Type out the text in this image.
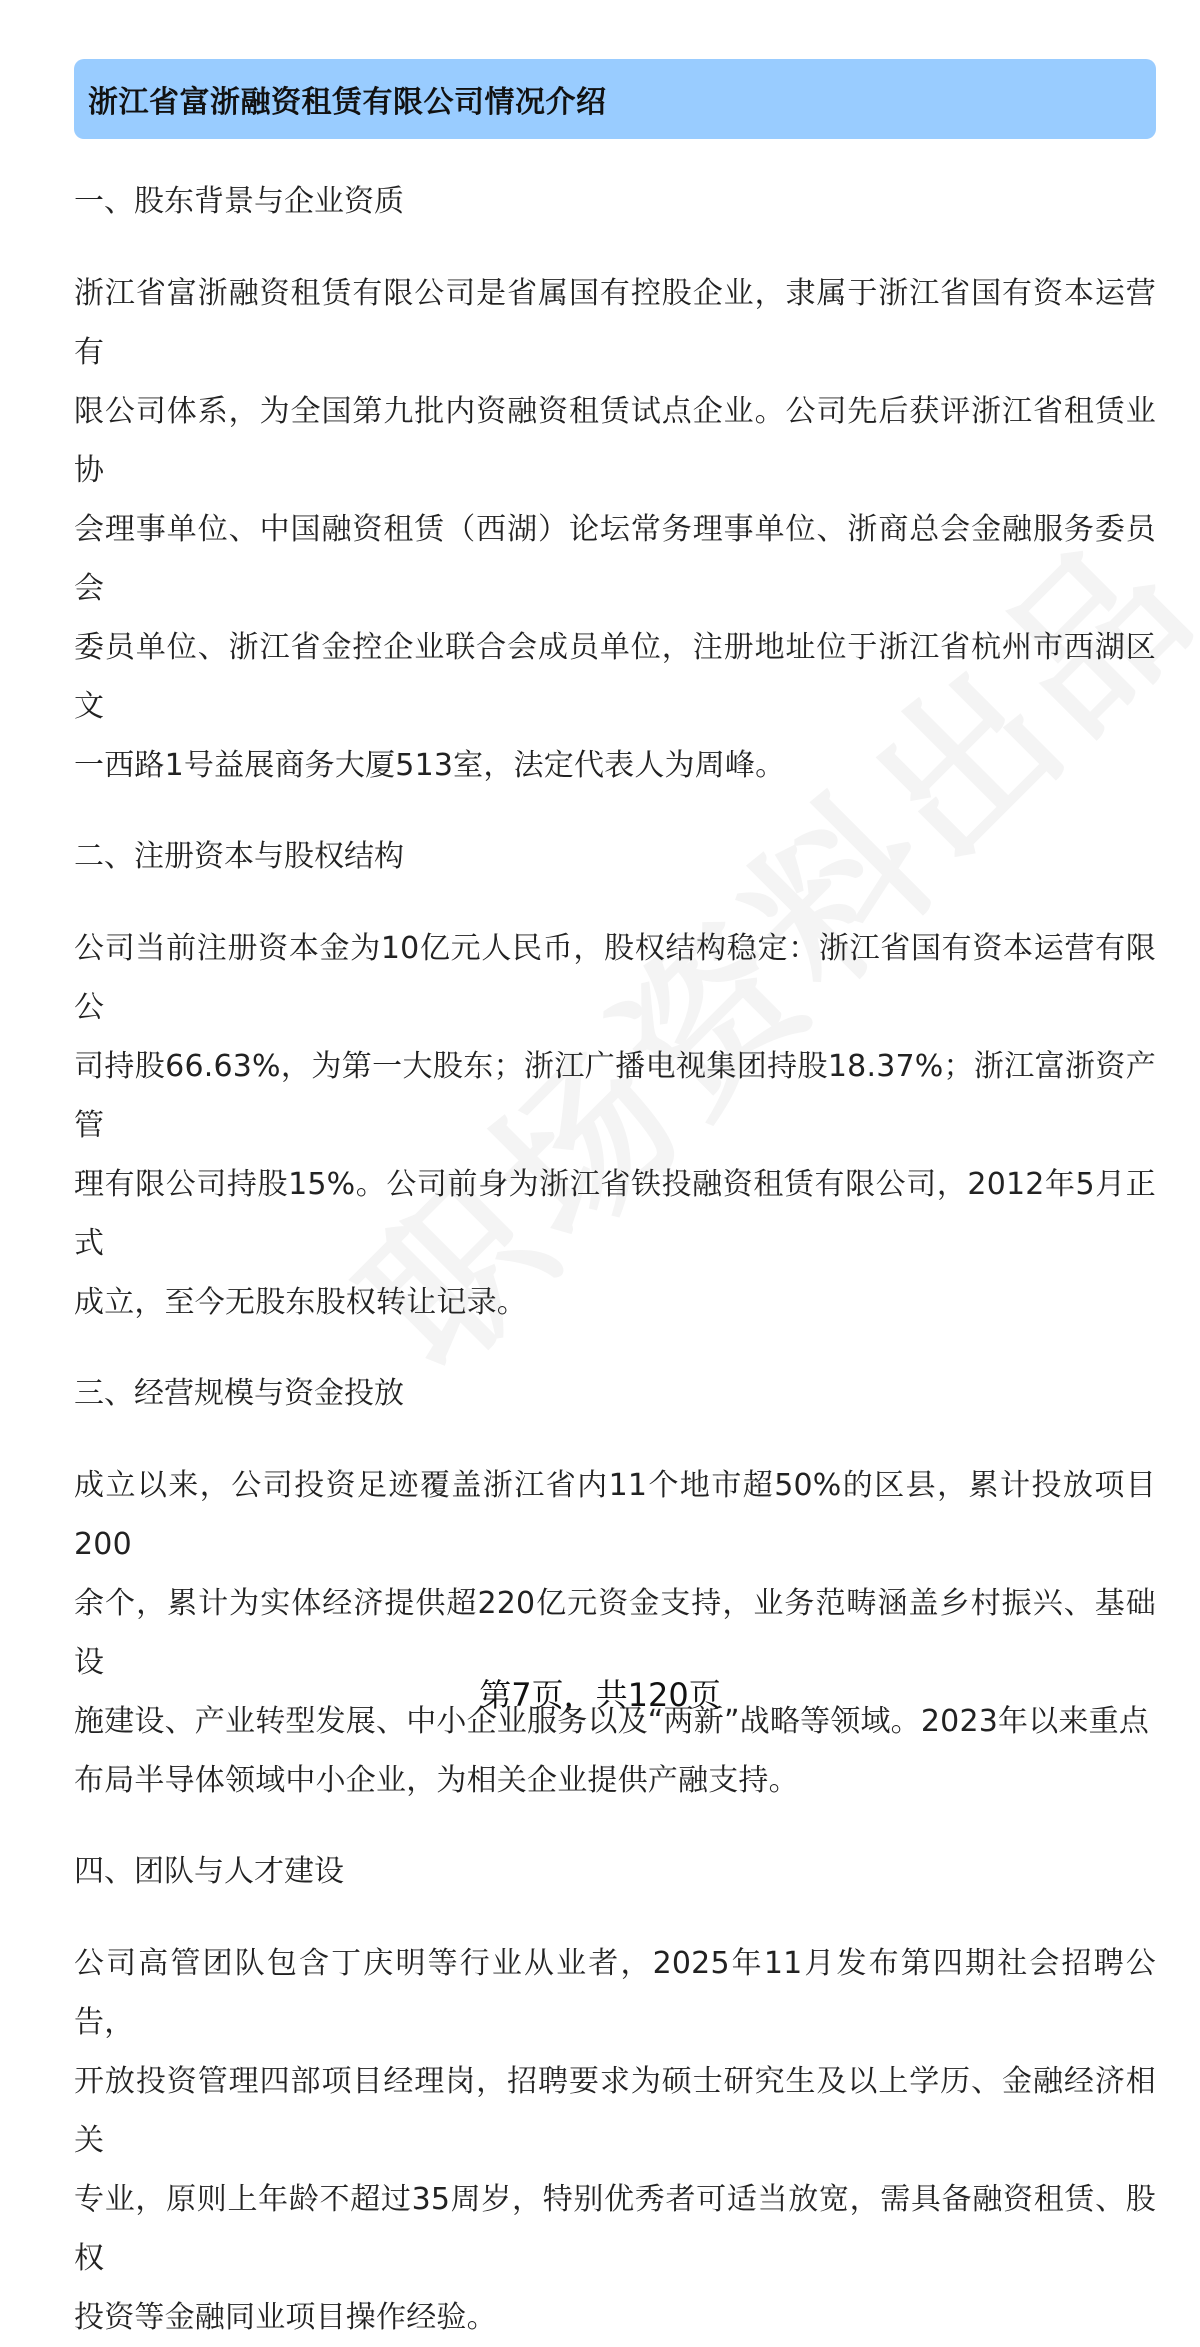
浙江省富浙融资租赁有限公司情况介绍

一、股东背景与企业资质

浙江省富浙融资租赁有限公司是省属国有控股企业，隶属于浙江省国有资本运营有
限公司体系，为全国第九批内资融资租赁试点企业。公司先后获评浙江省租赁业协
会理事单位、中国融资租赁（西湖）论坛常务理事单位、浙商总会金融服务委员会
委员单位、浙江省金控企业联合会成员单位，注册地址位于浙江省杭州市西湖区文
一西路1号益展商务大厦513室，法定代表人为周峰。

二、注册资本与股权结构

公司当前注册资本金为10亿元人民币，股权结构稳定：浙江省国有资本运营有限公
司持股66.63%，为第一大股东；浙江广播电视集团持股18.37%；浙江富浙资产管
理有限公司持股15%。公司前身为浙江省铁投融资租赁有限公司，2012年5月正式
成立，至今无股东股权转让记录。

三、经营规模与资金投放

成立以来，公司投资足迹覆盖浙江省内11个地市超50%的区县，累计投放项目200
余个，累计为实体经济提供超220亿元资金支持，业务范畴涵盖乡村振兴、基础设
施建设、产业转型发展、中小企业服务以及“两新”战略等领域。2023年以来重点
布局半导体领域中小企业，为相关企业提供产融支持。

四、团队与人才建设

公司高管团队包含丁庆明等行业从业者，2025年11月发布第四期社会招聘公告，
开放投资管理四部项目经理岗，招聘要求为硕士研究生及以上学历、金融经济相关
专业，原则上年龄不超过35周岁，特别优秀者可适当放宽，需具备融资租赁、股权
投资等金融同业项目操作经验。
第7页，共120页
